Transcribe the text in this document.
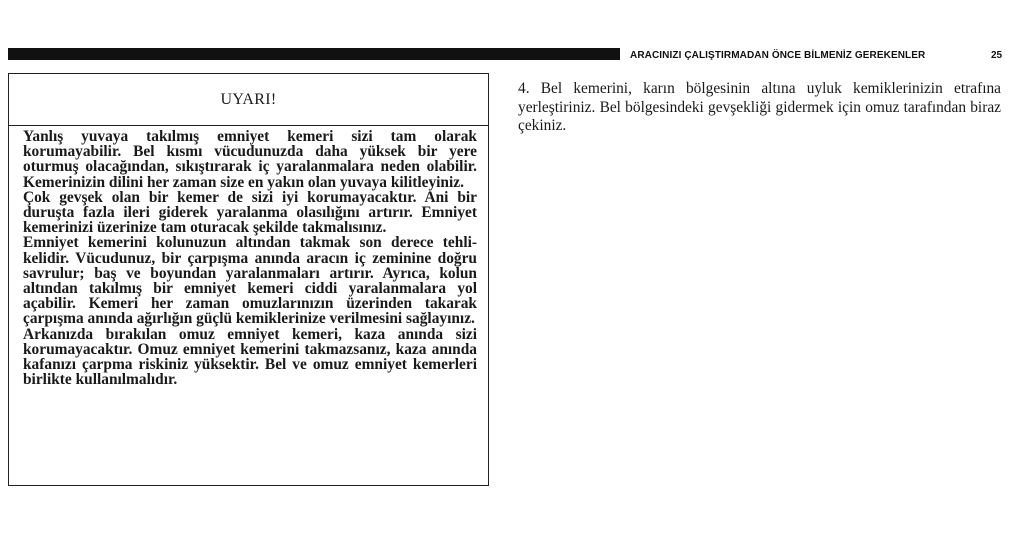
ARACINIZI ÇALIŞTIRMADAN ÖNCE BİLMENİZ GEREKENLER	25
UYARI!

Yanlış yuvaya takılmış emniyet kemeri sizi tam olarak korumayabilir. Bel kısmı vücudunuzda daha yüksek bir yere oturmuş olacağından, sıkıştırarak iç yaralanmalara neden olabilir. Kemerinizin dilini her zaman size en yakın olan yuvaya kilitleyiniz.

Çok gevşek olan bir kemer de sizi iyi korumayacaktır. Ani bir duruşta fazla ileri giderek yaralanma olasılığını artırır. Emniyet kemerinizi üzerinize tam oturacak şekilde takmalısınız.

Emniyet kemerini kolunuzun altından takmak son derece tehli-kelidir. Vücudunuz, bir çarpışma anında aracın iç zeminine doğru savrulur; baş ve boyundan yaralanmaları artırır. Ayrıca, kolun altından takılmış bir emniyet kemeri ciddi yaralanmalara yol açabilir. Kemeri her zaman omuzlarınızın üzerinden takarak çarpışma anında ağırlığın güçlü kemiklerinize verilmesini sağlayınız.

Arkanızda bırakılan omuz emniyet kemeri, kaza anında sizi korumayacaktır. Omuz emniyet kemerini takmazsanız, kaza anında kafanızı çarpma riskiniz yüksektir. Bel ve omuz emniyet kemerleri birlikte kullanılmalıdır.

4. Bel kemerini, karın bölgesinin altına uyluk kemiklerinizin etrafına yerleştiriniz. Bel bölgesindeki gevşekliği gidermek için omuz tarafından biraz çekiniz.
